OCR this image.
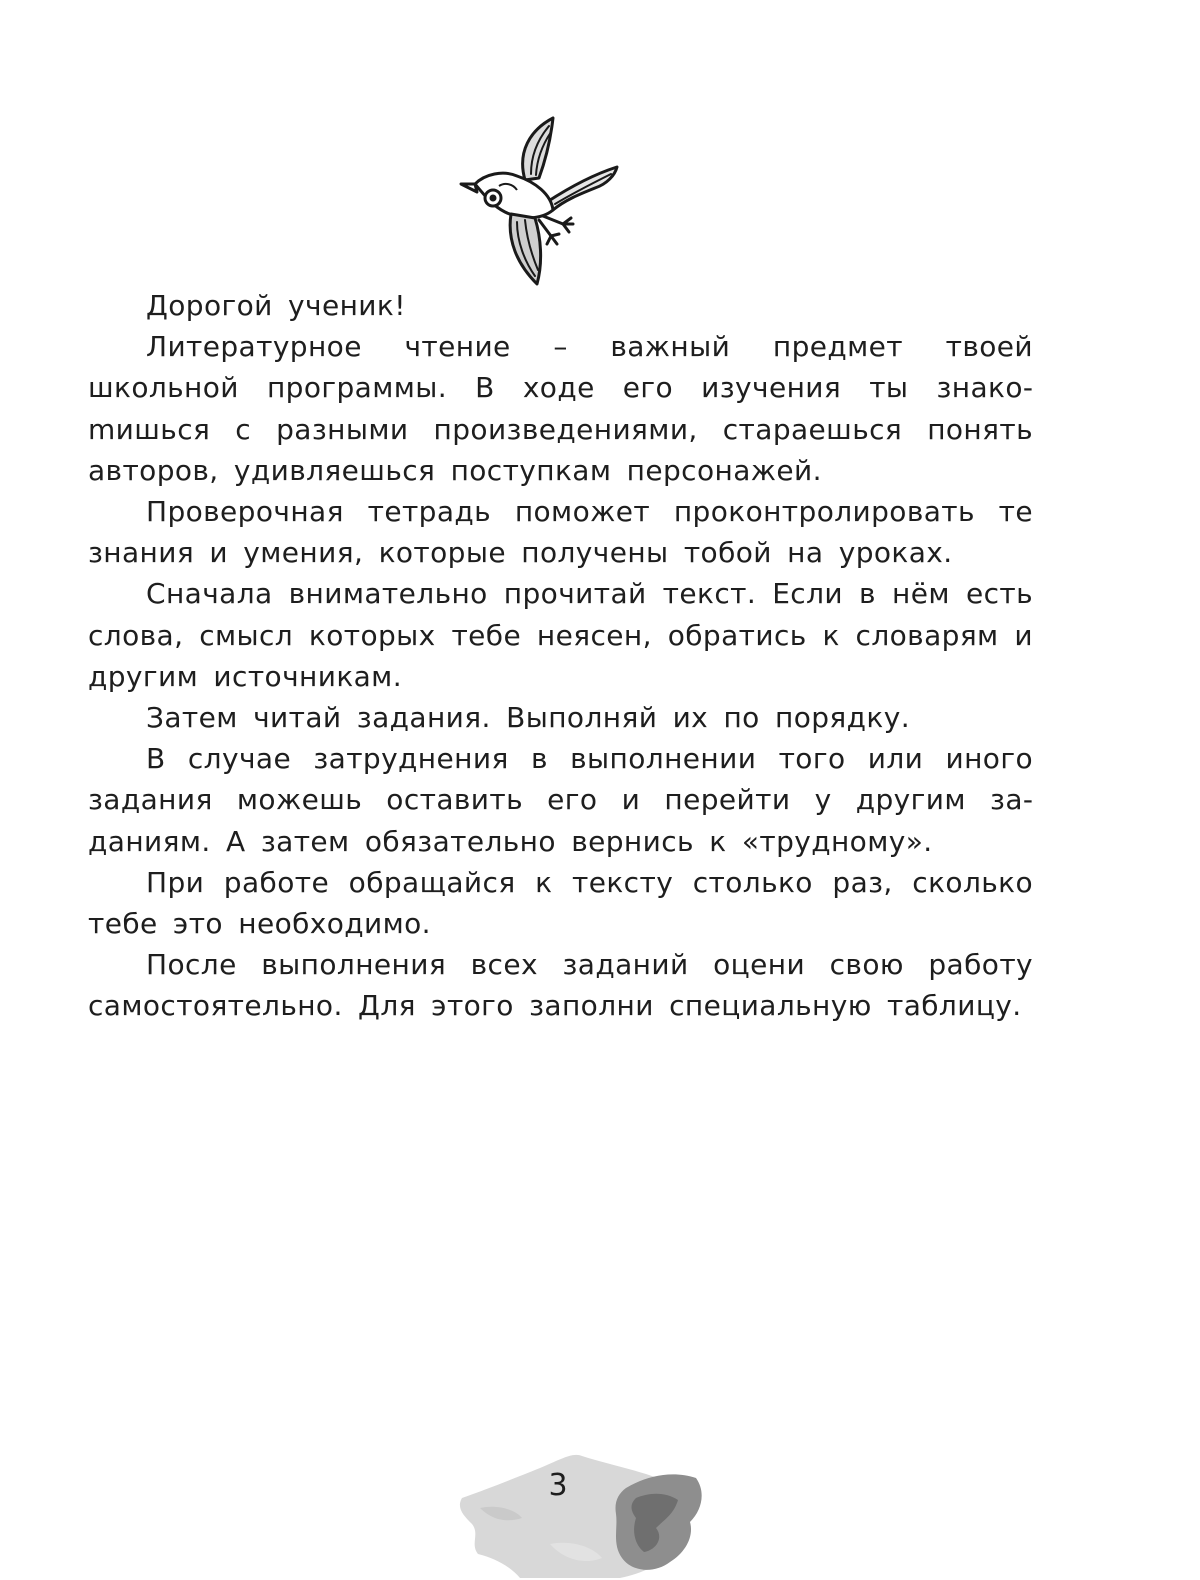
Дорогой ученик!

Литературное чтение – важный предмет твоей школьной программы. В ходе его изучения ты знакоmишься с разными произведениями, стараешься понять авторов, удивляешься поступкам персонажей.

Проверочная тетрадь поможет проконтролировать те знания и умения, которые получены тобой на уроках.

Сначала внимательно прочитай текст. Если в нём есть слова, смысл которых тебе неясен, обратись к словарям и другим источникам.

Затем читай задания. Выполняй их по порядку.

В случае затруднения в выполнении того или иного задания можешь оставить его и перейти у другим заданиям. А затем обязательно вернись к «трудному».

При работе обращайся к тексту столько раз, сколько тебе это необходимо.

После выполнения всех заданий оцени свою работу самостоятельно. Для этого заполни специальную таблицу.

3
